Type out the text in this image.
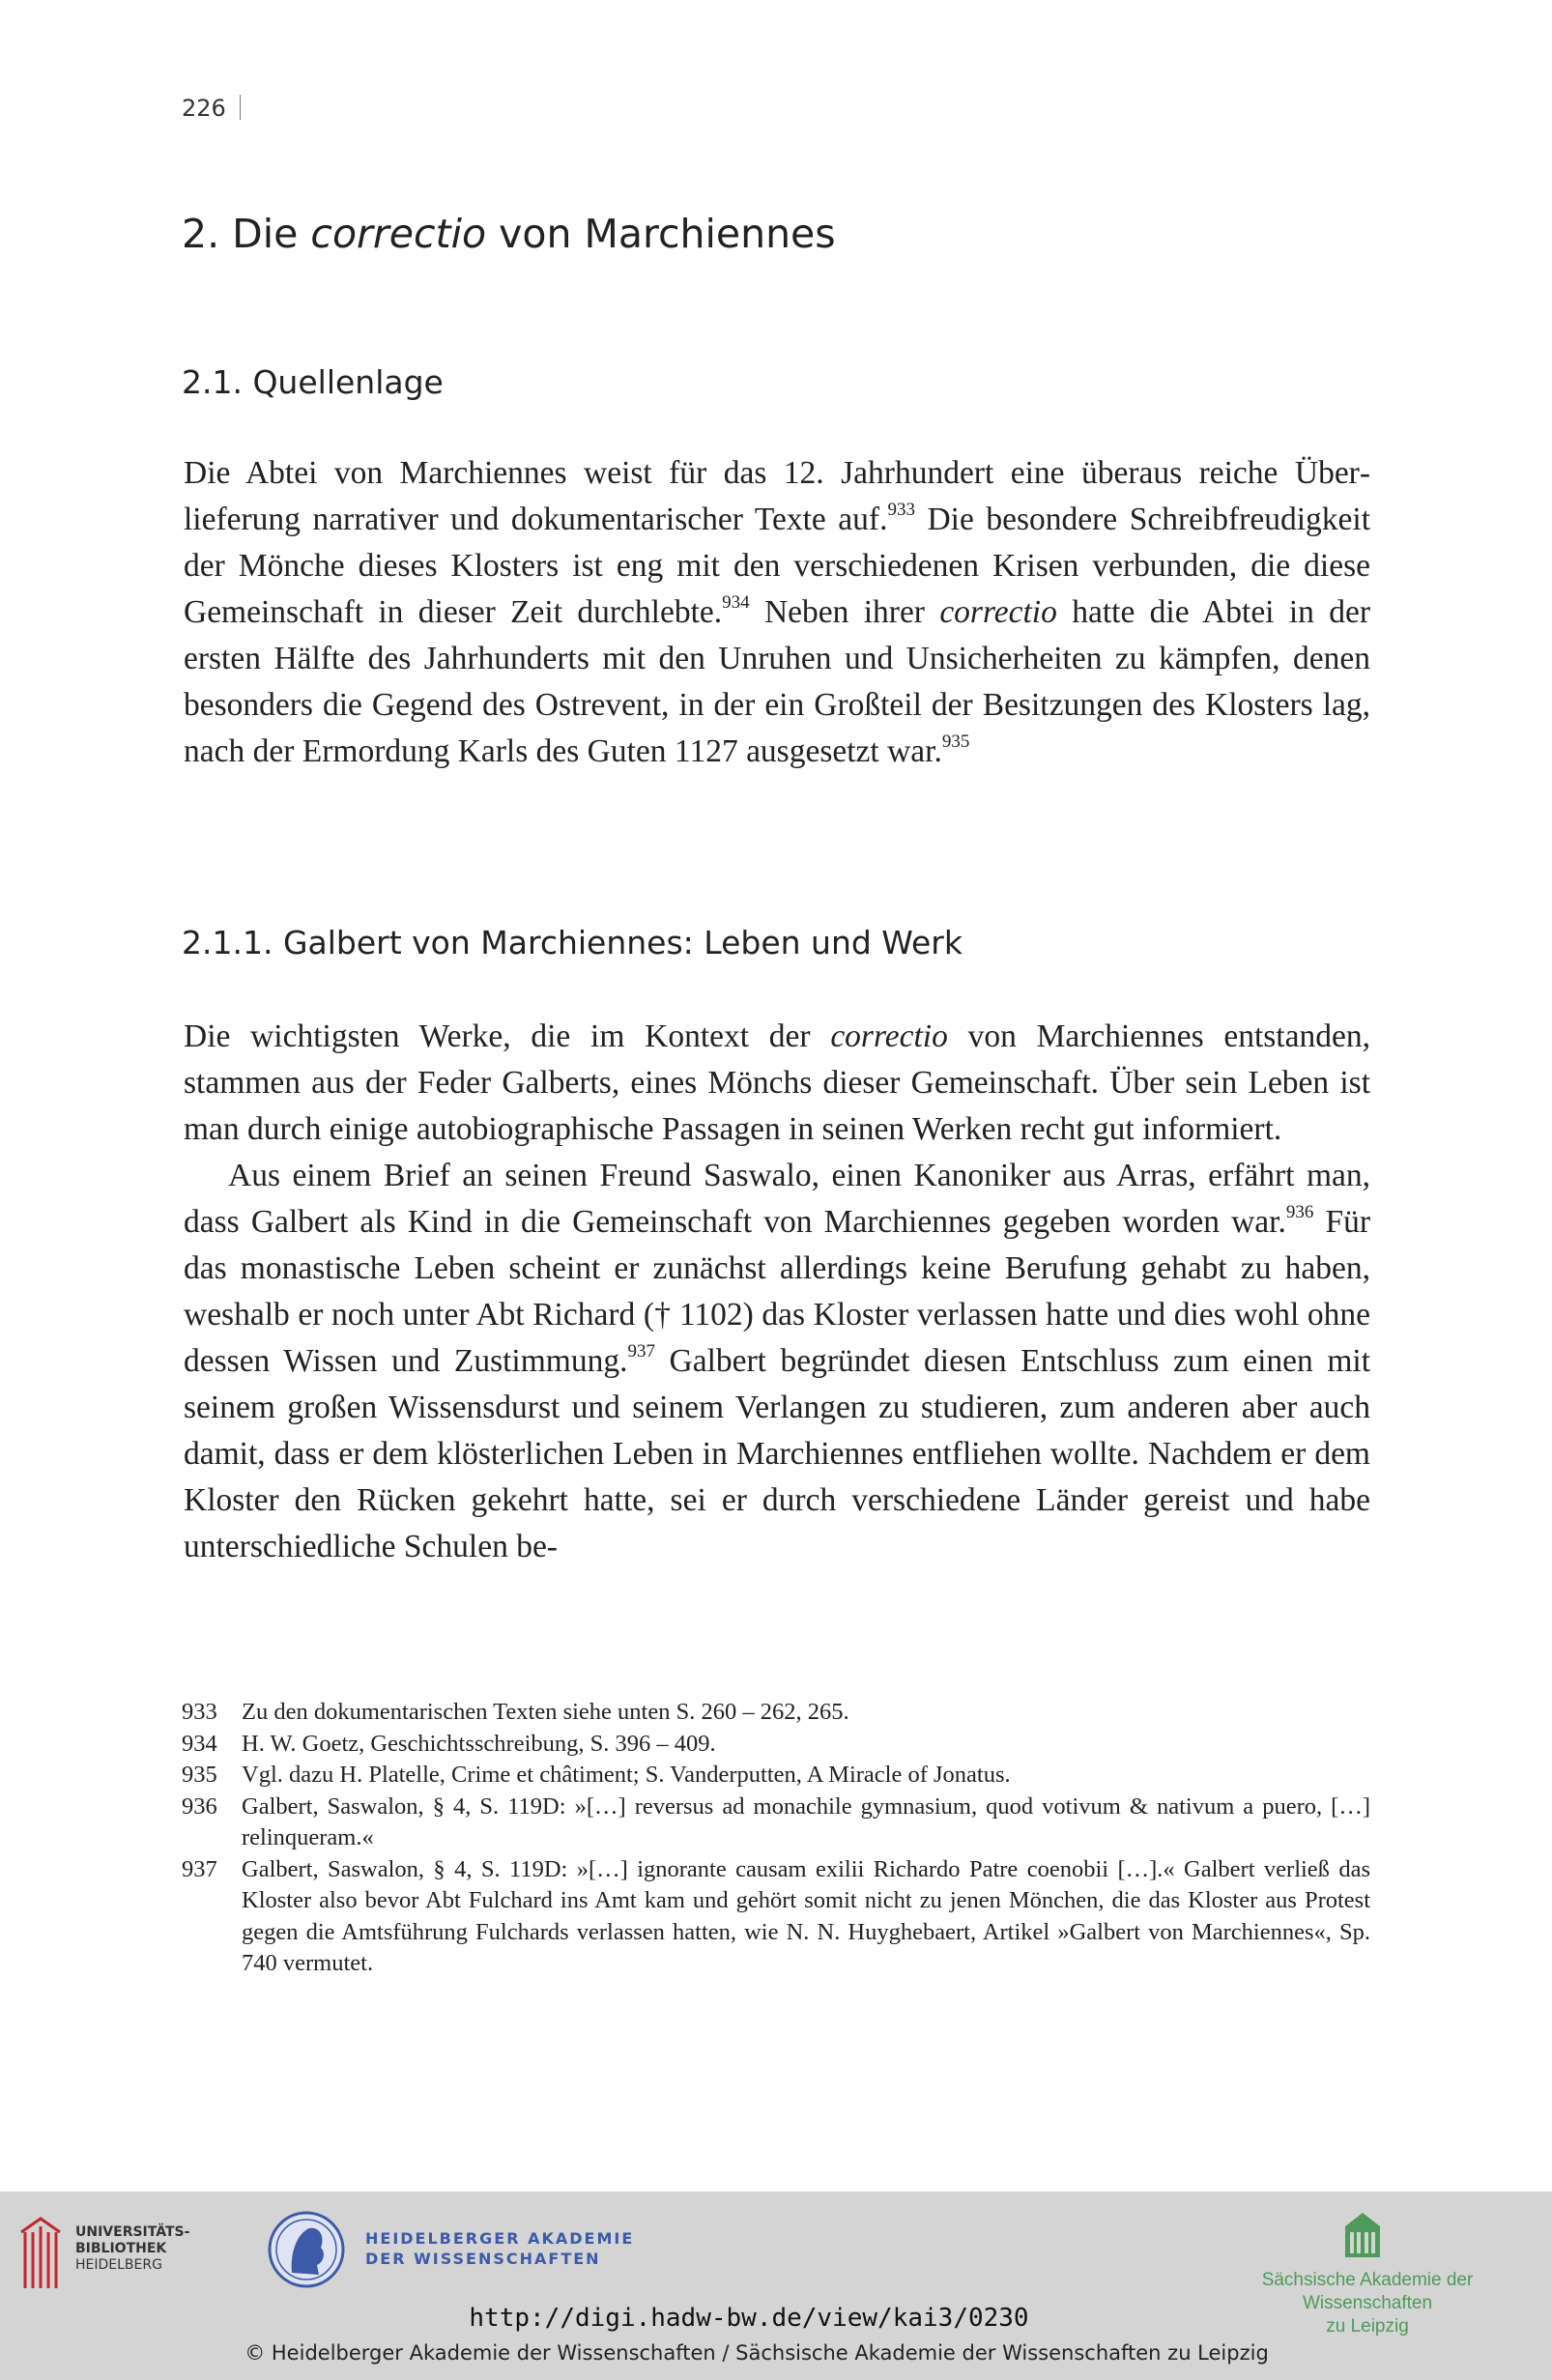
226
2. Die correctio von Marchiennes
2.1. Quellenlage

Die Abtei von Marchiennes weist für das 12. Jahrhundert eine überaus reiche Überlieferung narrativer und dokumentarischer Texte auf.$^{933}$ Die besondere Schreibfreudigkeit der Mönche dieses Klosters ist eng mit den verschiedenen Krisen verbunden, die diese Gemeinschaft in dieser Zeit durchlebte.$^{934}$ Neben ihrer correctio hatte die Abtei in der ersten Hälfte des Jahrhunderts mit den Unruhen und Unsicherheiten zu kämpfen, denen besonders die Gegend des Ostrevent, in der ein Großteil der Besitzungen des Klosters lag, nach der Ermordung Karls des Guten 1127 ausgesetzt war.$^{935}$

2.1.1. Galbert von Marchiennes: Leben und Werk

Die wichtigsten Werke, die im Kontext der correctio von Marchiennes entstanden, stammen aus der Feder Galberts, eines Mönchs dieser Gemeinschaft. Über sein Leben ist man durch einige autobiographische Passagen in seinen Werken recht gut informiert.

Aus einem Brief an seinen Freund Saswalo, einen Kanoniker aus Arras, erfährt man, dass Galbert als Kind in die Gemeinschaft von Marchiennes gegeben worden war.$^{936}$ Für das monastische Leben scheint er zunächst allerdings keine Berufung gehabt zu haben, weshalb er noch unter Abt Richard († 1102) das Kloster verlassen hatte und dies wohl ohne dessen Wissen und Zustimmung.$^{937}$ Galbert begründet diesen Entschluss zum einen mit seinem großen Wissensdurst und seinem Verlangen zu studieren, zum anderen aber auch damit, dass er dem klösterlichen Leben in Marchiennes entfliehen wollte. Nachdem er dem Kloster den Rücken gekehrt hatte, sei er durch verschiedene Länder gereist und habe unterschiedliche Schulen be-

933	Zu den dokumentarischen Texten siehe unten S. 260 – 262, 265.
934	H. W. Goetz, Geschichtsschreibung, S. 396 – 409.
935	Vgl. dazu H. Platelle, Crime et châtiment; S. Vanderputten, A Miracle of Jonatus.
936	Galbert, Saswalon, § 4, S. 119D: »[…] reversus ad monachile gymnasium, quod votivum & nativum a puero, […] relinqueram.«
937	Galbert, Saswalon, § 4, S. 119D: »[…] ignorante causam exilii Richardo Patre coenobii […].« Galbert verließ das Kloster also bevor Abt Fulchard ins Amt kam und gehört somit nicht zu jenen Mönchen, die das Kloster aus Protest gegen die Amtsführung Fulchards verlassen hatten, wie N. N. Huyghebaert, Artikel »Galbert von Marchiennes«, Sp. 740 vermutet.
UNIVERSITÄTS-
BIBLIOTHEK
HEIDELBERG
HEIDELBERGER AKADEMIE
DER WISSENSCHAFTEN
Sächsische Akademie der Wissenschaften
zu Leipzig
http://digi.hadw-bw.de/view/kai3/0230
© Heidelberger Akademie der Wissenschaften / Sächsische Akademie der Wissenschaften zu Leipzig
